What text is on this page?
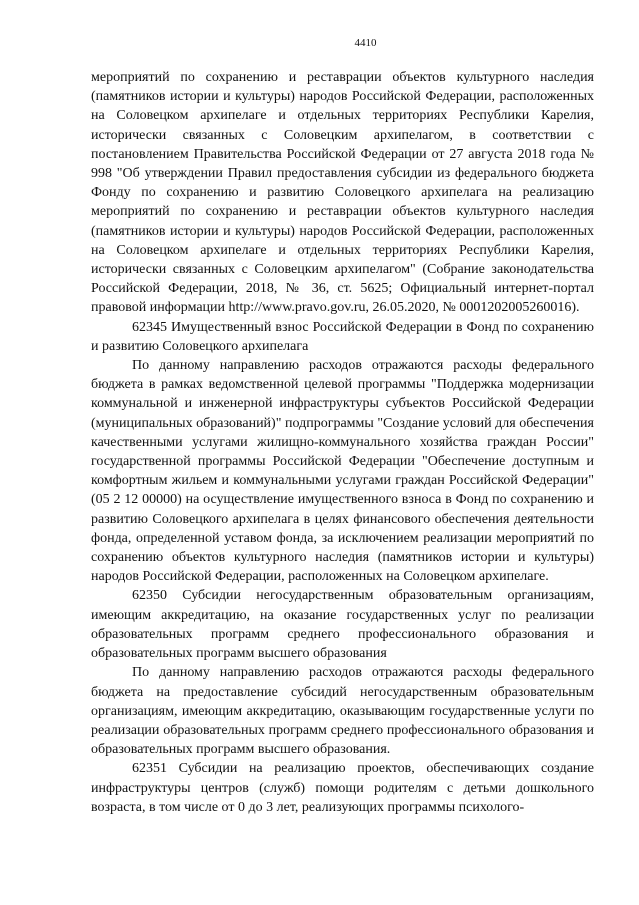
4410

мероприятий по сохранению и реставрации объектов культурного наследия (памятников истории и культуры) народов Российской Федерации, расположенных на Соловецком архипелаге и отдельных территориях Республики Карелия, исторически связанных с Соловецким архипелагом, в соответствии с постановлением Правительства Российской Федерации от 27 августа 2018 года № 998 "Об утверждении Правил предоставления субсидии из федерального бюджета Фонду по сохранению и развитию Соловецкого архипелага на реализацию мероприятий по сохранению и реставрации объектов культурного наследия (памятников истории и культуры) народов Российской Федерации, расположенных на Соловецком архипелаге и отдельных территориях Республики Карелия, исторически связанных с Соловецким архипелагом" (Собрание законодательства Российской Федерации, 2018, № 36, ст. 5625; Официальный интернет-портал правовой информации http://www.pravo.gov.ru, 26.05.2020, № 0001202005260016).

62345 Имущественный взнос Российской Федерации в Фонд по сохранению и развитию Соловецкого архипелага

По данному направлению расходов отражаются расходы федерального бюджета в рамках ведомственной целевой программы "Поддержка модернизации коммунальной и инженерной инфраструктуры субъектов Российской Федерации (муниципальных образований)" подпрограммы "Создание условий для обеспечения качественными услугами жилищно-коммунального хозяйства граждан России" государственной программы Российской Федерации "Обеспечение доступным и комфортным жильем и коммунальными услугами граждан Российской Федерации" (05 2 12 00000) на осуществление имущественного взноса в Фонд по сохранению и развитию Соловецкого архипелага в целях финансового обеспечения деятельности фонда, определенной уставом фонда, за исключением реализации мероприятий по сохранению объектов культурного наследия (памятников истории и культуры) народов Российской Федерации, расположенных на Соловецком архипелаге.

62350 Субсидии негосударственным образовательным организациям, имеющим аккредитацию, на оказание государственных услуг по реализации образовательных программ среднего профессионального образования и образовательных программ высшего образования

По данному направлению расходов отражаются расходы федерального бюджета на предоставление субсидий негосударственным образовательным организациям, имеющим аккредитацию, оказывающим государственные услуги по реализации образовательных программ среднего профессионального образования и образовательных программ высшего образования.

62351 Субсидии на реализацию проектов, обеспечивающих создание инфраструктуры центров (служб) помощи родителям с детьми дошкольного возраста, в том числе от 0 до 3 лет, реализующих программы психолого-
